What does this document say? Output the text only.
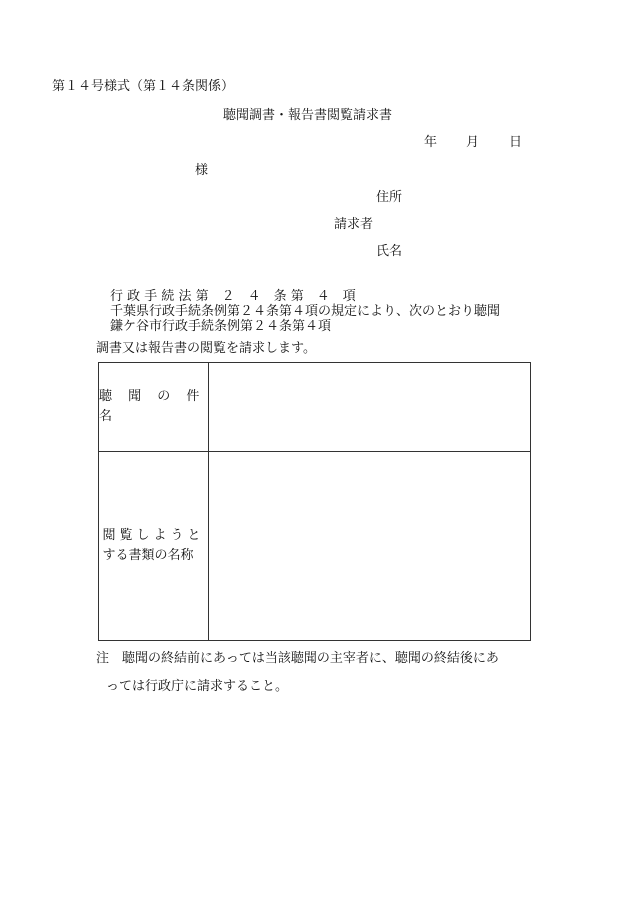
第１４号様式（第１４条関係）
聴聞調書・報告書閲覧請求書
年 月 日
様
住所
請求者
氏名
行 政 手 続 法 第　２　４　条 第　４　項
千葉県行政手続条例第２４条第４項の規定により、次のとおり聴聞
鎌ケ谷市行政手続条例第２４条第４項
調書又は報告書の閲覧を請求します。
聴 聞 の 件 名
閲覧しようと
する書類の名称
注　聴聞の終結前にあっては当該聴聞の主宰者に、聴聞の終結後にあ
っては行政庁に請求すること。
